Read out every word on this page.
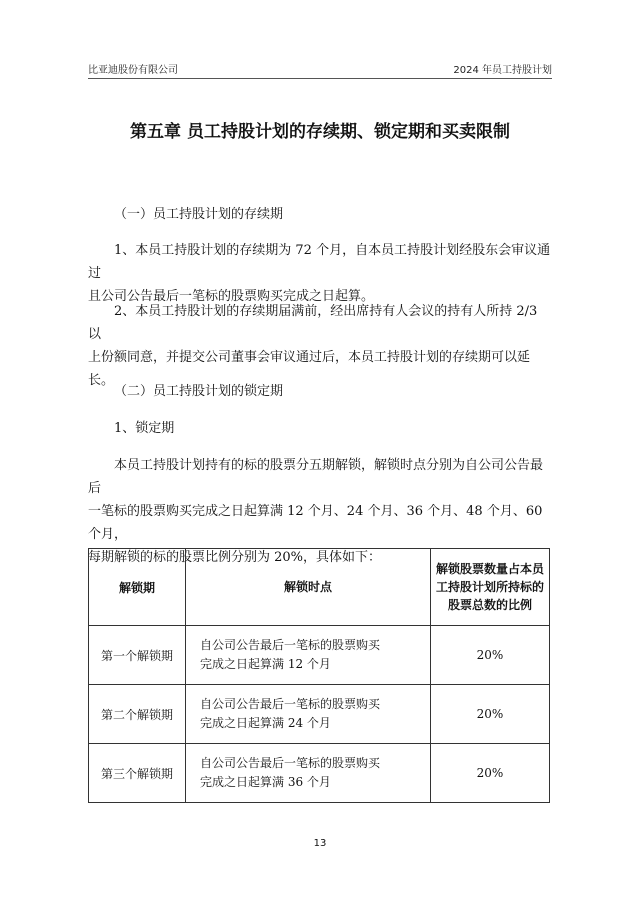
比亚迪股份有限公司	2024 年员工持股计划
第五章 员工持股计划的存续期、锁定期和买卖限制
（一）员工持股计划的存续期
1、本员工持股计划的存续期为 72 个月，自本员工持股计划经股东会审议通过
且公司公告最后一笔标的股票购买完成之日起算。
2、本员工持股计划的存续期届满前，经出席持有人会议的持有人所持 2/3 以
上份额同意，并提交公司董事会审议通过后，本员工持股计划的存续期可以延长。
（二）员工持股计划的锁定期
1、锁定期
本员工持股计划持有的标的股票分五期解锁，解锁时点分别为自公司公告最后
一笔标的股票购买完成之日起算满 12 个月、24 个月、36 个月、48 个月、60 个月，
每期解锁的标的股票比例分别为 20%，具体如下：
解锁期	解锁时点	解锁股票数量占本员
工持股计划所持标的
股票总数的比例

第一个解锁期	自公司公告最后一笔标的股票购买
完成之日起算满 12 个月	20%
第二个解锁期	自公司公告最后一笔标的股票购买
完成之日起算满 24 个月	20%
第三个解锁期	自公司公告最后一笔标的股票购买
完成之日起算满 36 个月	20%
13
